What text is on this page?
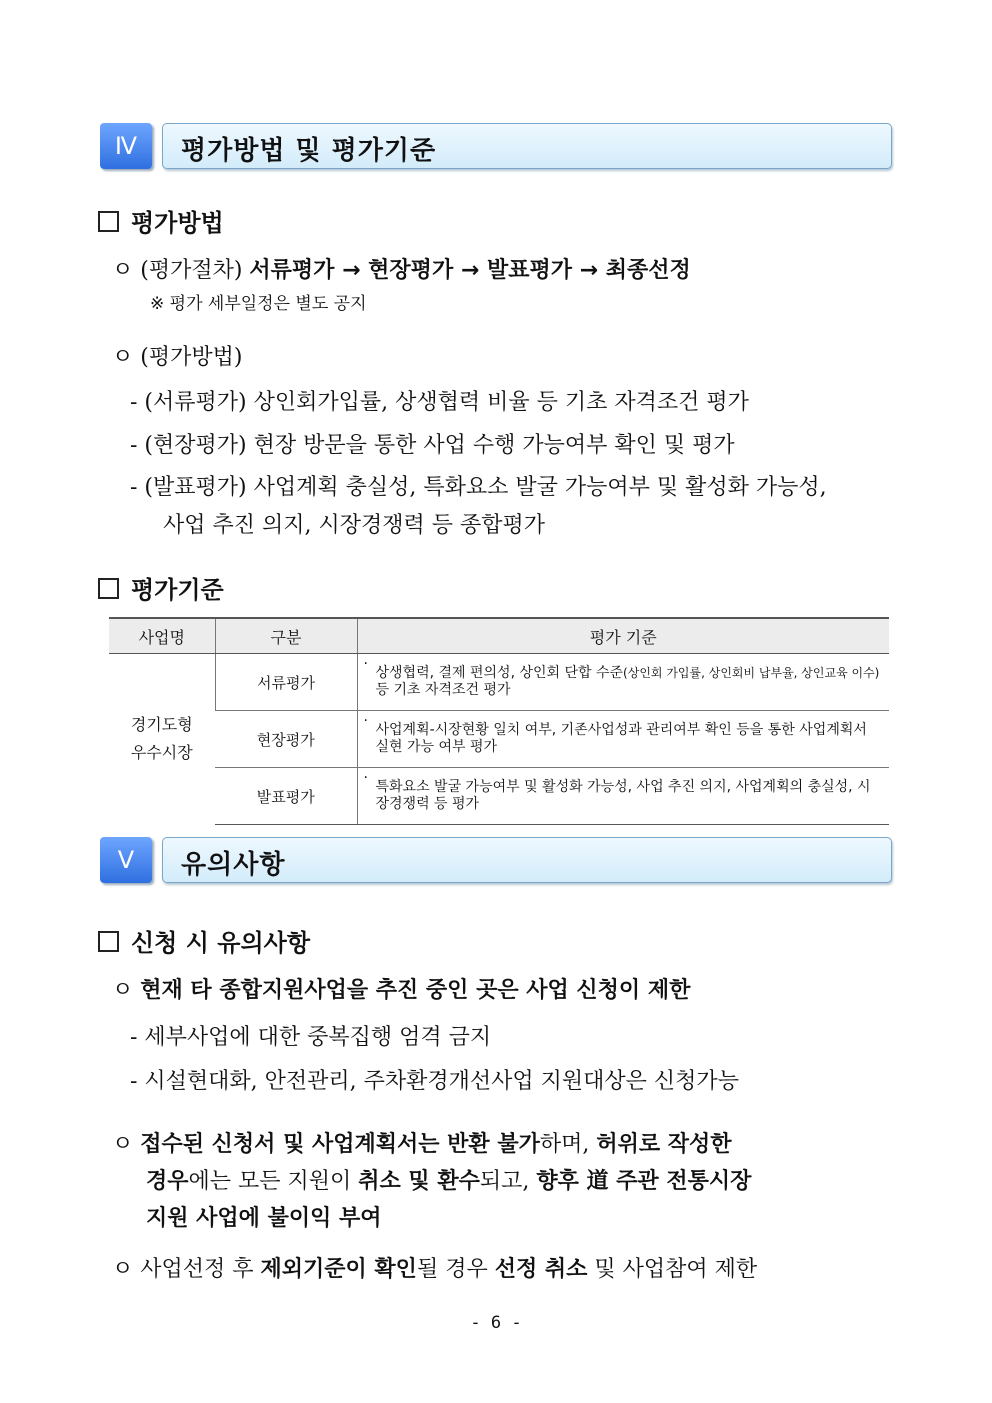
Ⅳ	평가방법 및 평가기준
평가방법
ㅇ (평가절차) 서류평가 → 현장평가 → 발표평가 → 최종선정
※ 평가 세부일정은 별도 공지
ㅇ (평가방법)
- (서류평가) 상인회가입률, 상생협력 비율 등 기초 자격조건 평가
- (현장평가) 현장 방문을 통한 사업 수행 가능여부 확인 및 평가
- (발표평가) 사업계획 충실성, 특화요소 발굴 가능여부 및 활성화 가능성,
사업 추진 의지, 시장경쟁력 등 종합평가
평가기준
사업명	구분	평가 기준
경기도형
우수시장	서류평가	· 상생협력, 결제 편의성, 상인회 단합 수준(상인회 가입률, 상인회비 납부율, 상인교육 이수) 등 기초 자격조건 평가
	현장평가	· 사업계획-시장현황 일치 여부, 기존사업성과 관리여부 확인 등을 통한 사업계획서 실현 가능 여부 평가
	발표평가	· 특화요소 발굴 가능여부 및 활성화 가능성, 사업 추진 의지, 사업계획의 충실성, 시장경쟁력 등 평가
Ⅴ	유의사항
신청 시 유의사항
ㅇ 현재 타 종합지원사업을 추진 중인 곳은 사업 신청이 제한
- 세부사업에 대한 중복집행 엄격 금지
- 시설현대화, 안전관리, 주차환경개선사업 지원대상은 신청가능
ㅇ 접수된 신청서 및 사업계획서는 반환 불가하며, 허위로 작성한
경우에는 모든 지원이 취소 및 환수되고, 향후 道 주관 전통시장
지원 사업에 불이익 부여
ㅇ 사업선정 후 제외기준이 확인될 경우 선정 취소 및 사업참여 제한
- 6 -
